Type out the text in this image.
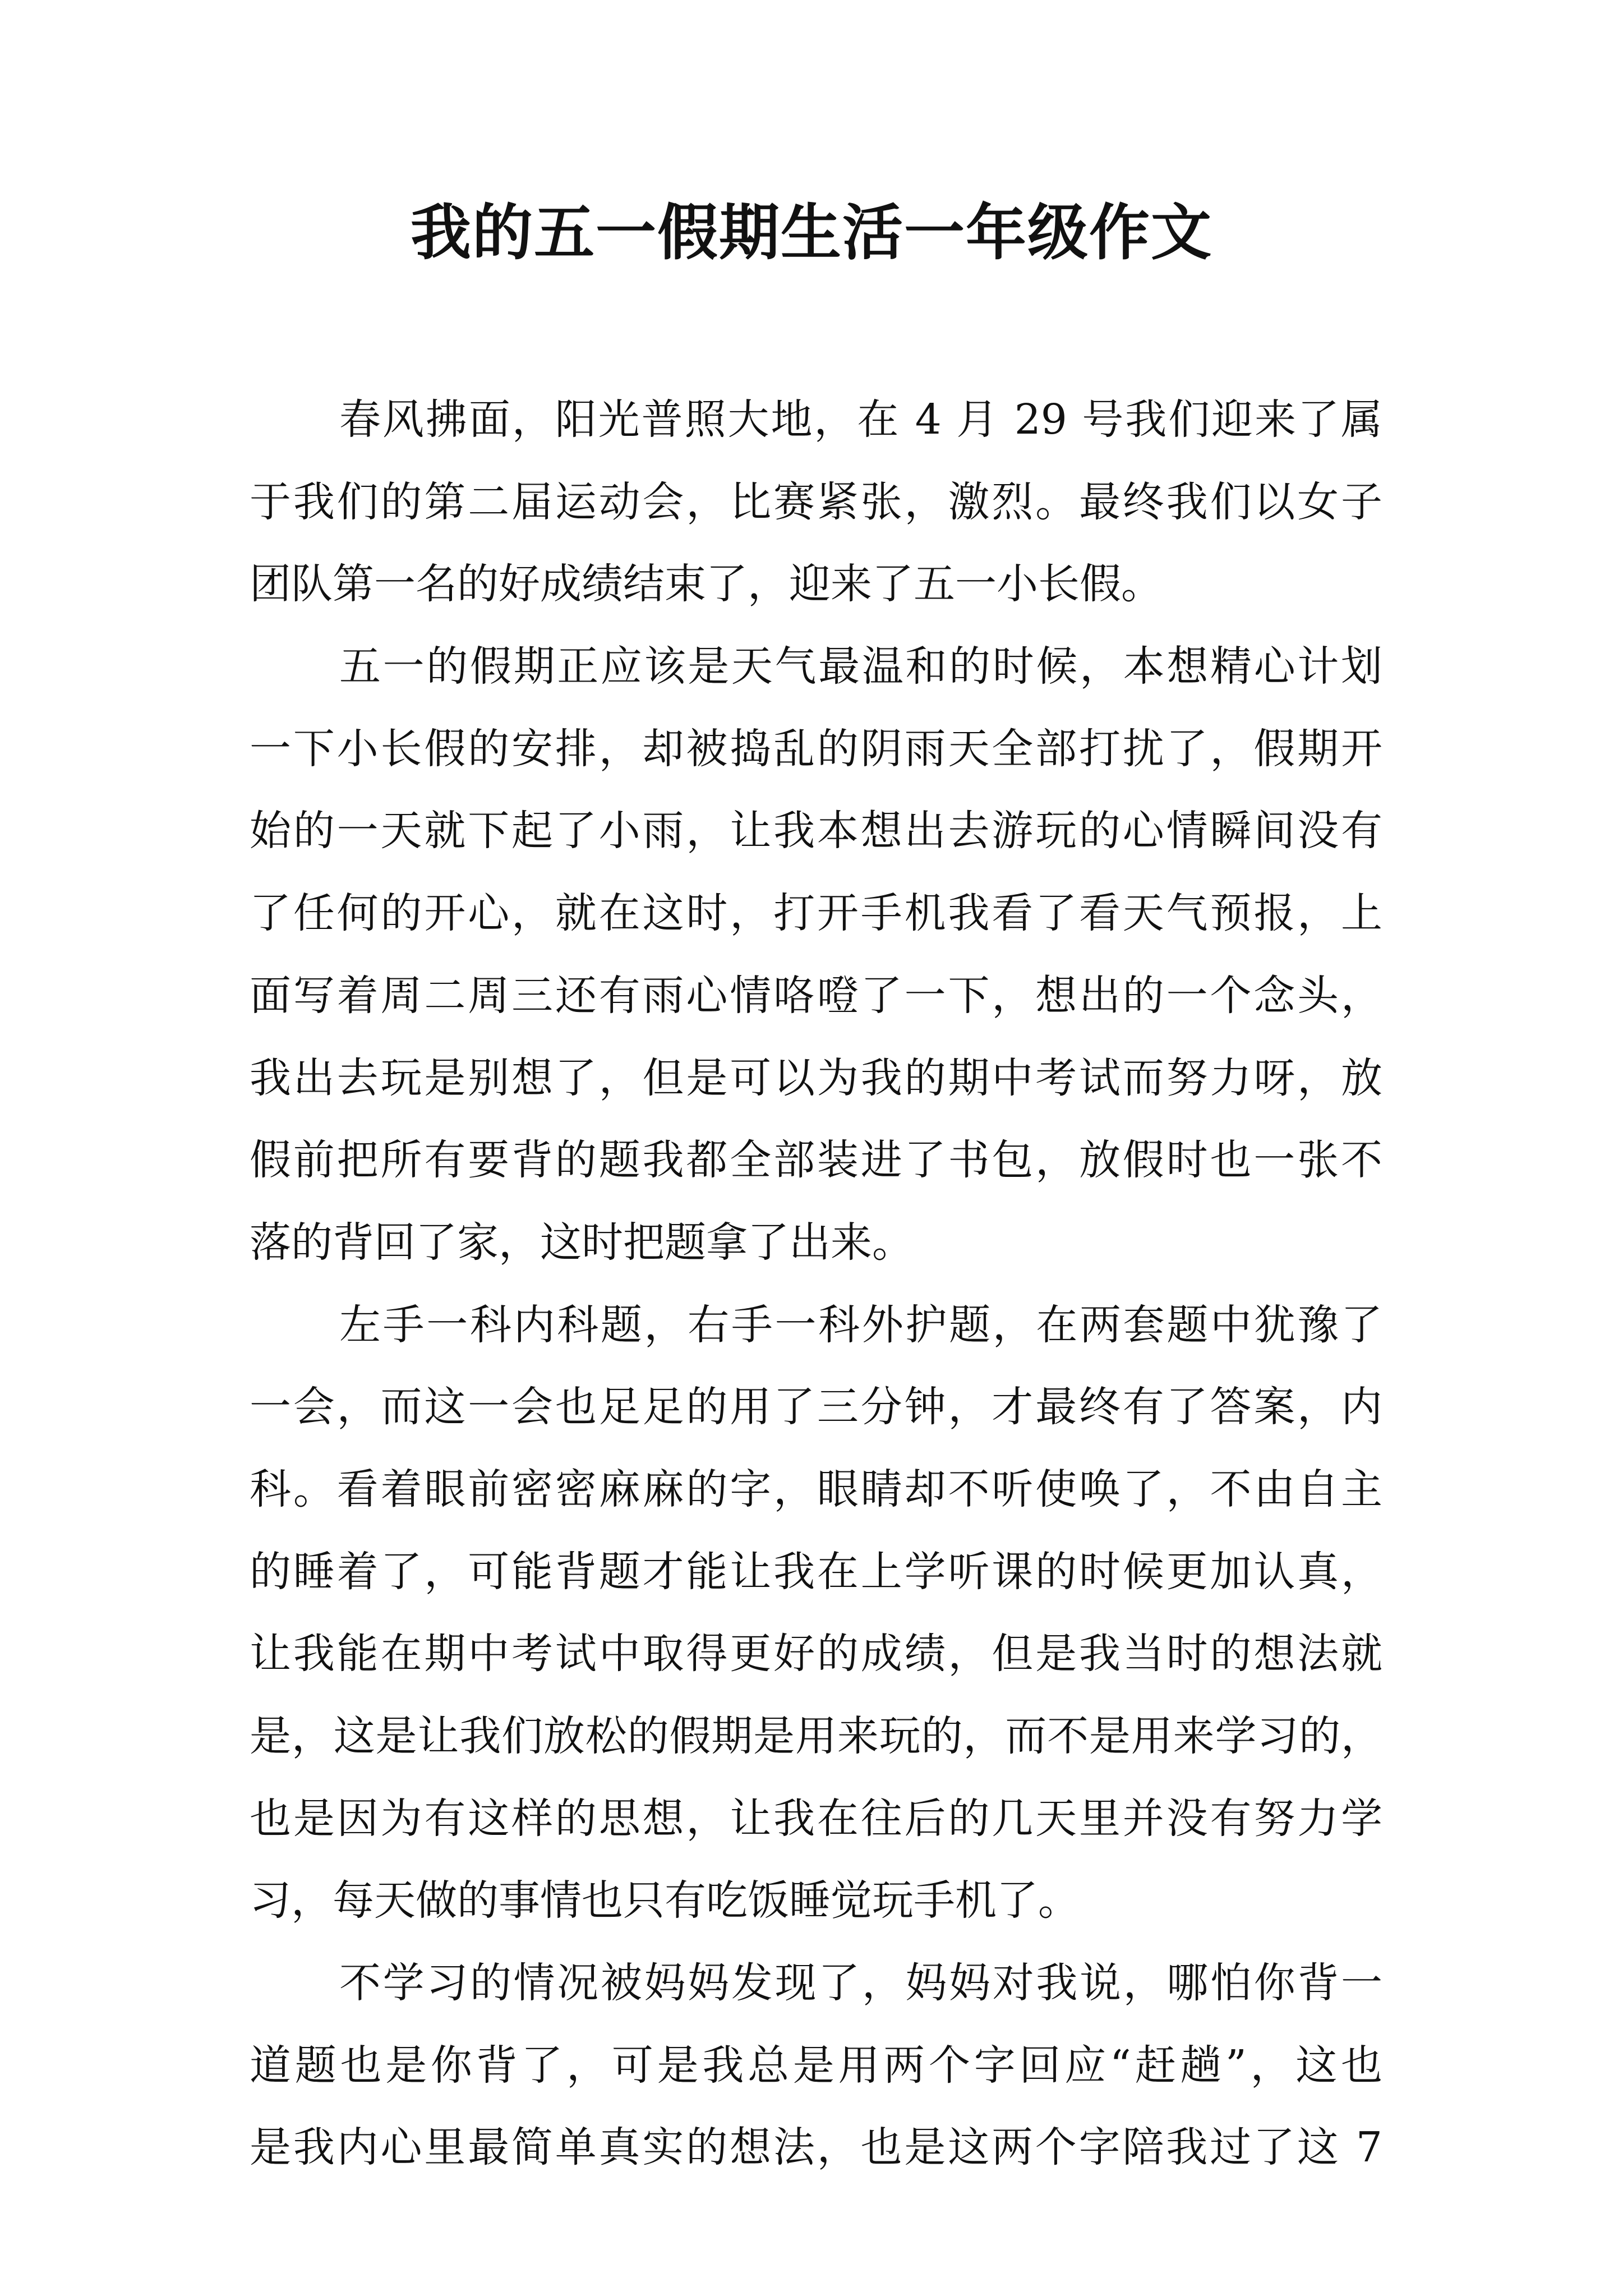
我的五一假期生活一年级作文
春风拂面，阳光普照大地，在 4 月 29 号我们迎来了属
于我们的第二届运动会，比赛紧张，激烈。最终我们以女子
团队第一名的好成绩结束了，迎来了五一小长假。
五一的假期正应该是天气最温和的时候，本想精心计划
一下小长假的安排，却被捣乱的阴雨天全部打扰了，假期开
始的一天就下起了小雨，让我本想出去游玩的心情瞬间没有
了任何的开心，就在这时，打开手机我看了看天气预报，上
面写着周二周三还有雨心情咯噔了一下，想出的一个念头，
我出去玩是别想了，但是可以为我的期中考试而努力呀，放
假前把所有要背的题我都全部装进了书包，放假时也一张不
落的背回了家，这时把题拿了出来。
左手一科内科题，右手一科外护题，在两套题中犹豫了
一会，而这一会也足足的用了三分钟，才最终有了答案，内
科。看着眼前密密麻麻的字，眼睛却不听使唤了，不由自主
的睡着了，可能背题才能让我在上学听课的时候更加认真，
让我能在期中考试中取得更好的成绩，但是我当时的想法就
是，这是让我们放松的假期是用来玩的，而不是用来学习的，
也是因为有这样的思想，让我在往后的几天里并没有努力学
习，每天做的事情也只有吃饭睡觉玩手机了。
不学习的情况被妈妈发现了，妈妈对我说，哪怕你背一
道题也是你背了，可是我总是用两个字回应“赶趟”，这也
是我内心里最简单真实的想法，也是这两个字陪我过了这 7
